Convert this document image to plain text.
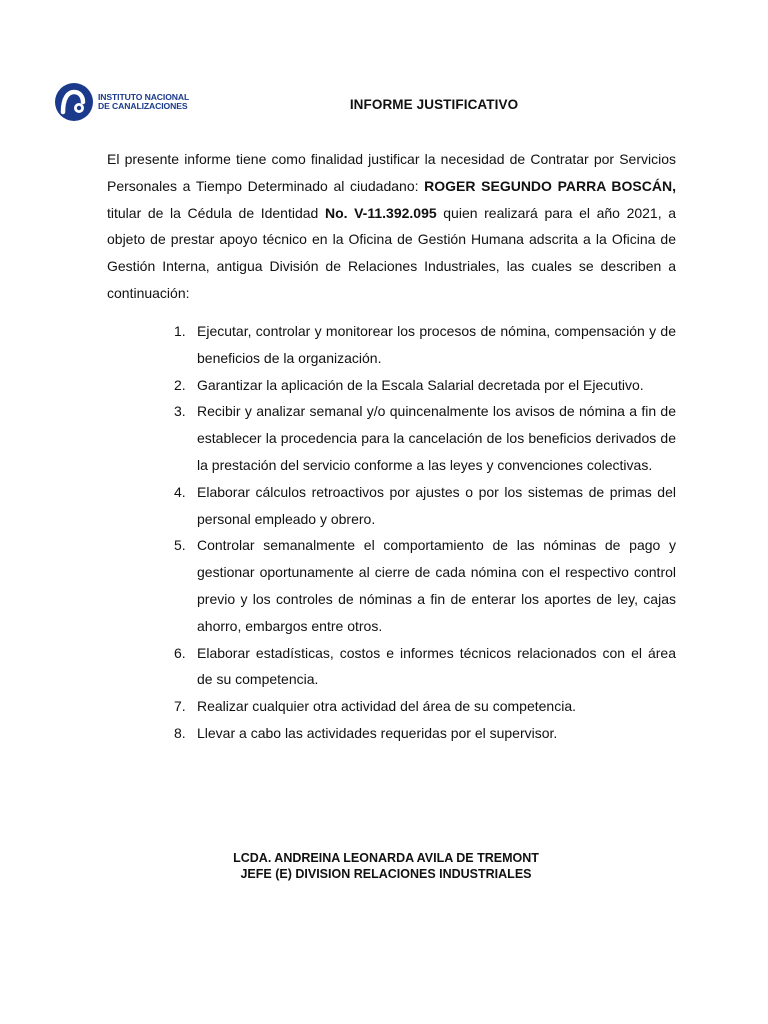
INSTITUTO NACIONAL
DE CANALIZACIONES	INFORME JUSTIFICATIVO

El presente informe tiene como finalidad justificar la necesidad de Contratar por Servicios Personales a Tiempo Determinado al ciudadano: ROGER SEGUNDO PARRA BOSCÁN, titular de la Cédula de Identidad No. V-11.392.095 quien realizará para el año 2021, a objeto de prestar apoyo técnico en la Oficina de Gestión Humana adscrita a la Oficina de Gestión Interna, antigua División de Relaciones Industriales, las cuales se describen a continuación:

1. Ejecutar, controlar y monitorear los procesos de nómina, compensación y de beneficios de la organización.
2. Garantizar la aplicación de la Escala Salarial decretada por el Ejecutivo.
3. Recibir y analizar semanal y/o quincenalmente los avisos de nómina a fin de establecer la procedencia para la cancelación de los beneficios derivados de la prestación del servicio conforme a las leyes y convenciones colectivas.
4. Elaborar cálculos retroactivos por ajustes o por los sistemas de primas del personal empleado y obrero.
5. Controlar semanalmente el comportamiento de las nóminas de pago y gestionar oportunamente al cierre de cada nómina con el respectivo control previo y los controles de nóminas a fin de enterar los aportes de ley, cajas ahorro, embargos entre otros.
6. Elaborar estadísticas, costos e informes técnicos relacionados con el área de su competencia.
7. Realizar cualquier otra actividad del área de su competencia.
8. Llevar a cabo las actividades requeridas por el supervisor.
LCDA. ANDREINA LEONARDA AVILA DE TREMONT
JEFE (E) DIVISION RELACIONES INDUSTRIALES
